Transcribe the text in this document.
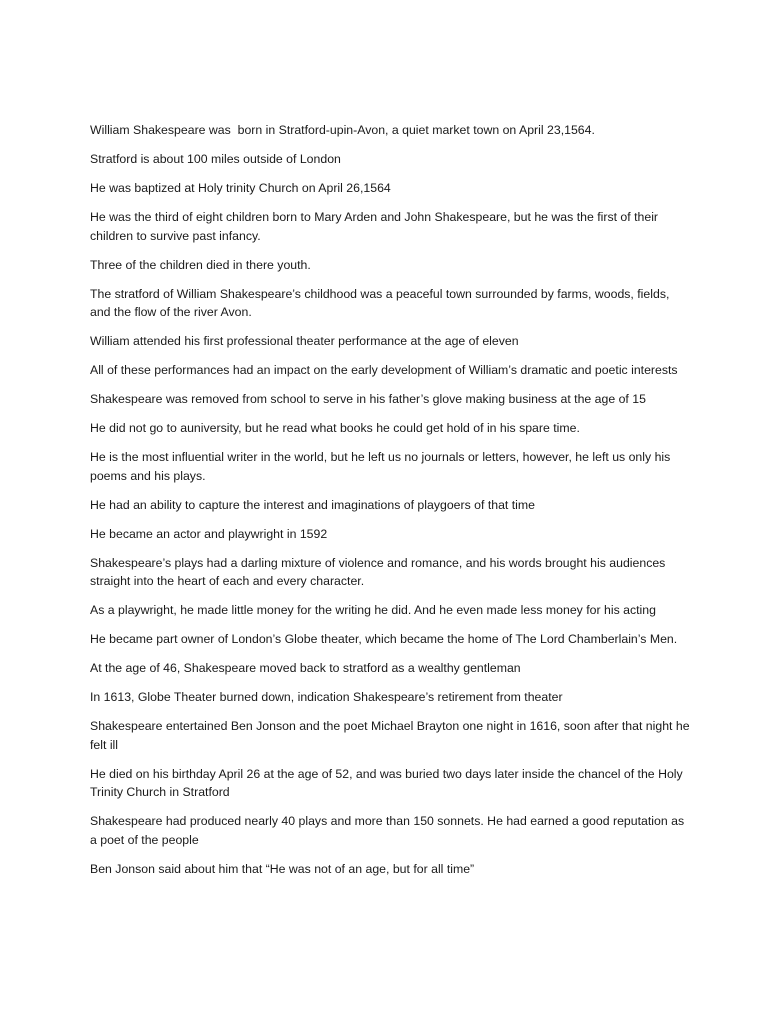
William Shakespeare was  born in Stratford-upin-Avon, a quiet market town on April 23,1564.

Stratford is about 100 miles outside of London

He was baptized at Holy trinity Church on April 26,1564

He was the third of eight children born to Mary Arden and John Shakespeare, but he was the first of their children to survive past infancy.

Three of the children died in there youth.

The stratford of William Shakespeare’s childhood was a peaceful town surrounded by farms, woods, fields, and the flow of the river Avon.

William attended his first professional theater performance at the age of eleven

All of these performances had an impact on the early development of William’s dramatic and poetic interests

Shakespeare was removed from school to serve in his father’s glove making business at the age of 15

He did not go to auniversity, but he read what books he could get hold of in his spare time.

He is the most influential writer in the world, but he left us no journals or letters, however, he left us only his poems and his plays.

He had an ability to capture the interest and imaginations of playgoers of that time

He became an actor and playwright in 1592

Shakespeare’s plays had a darling mixture of violence and romance, and his words brought his audiences straight into the heart of each and every character.

As a playwright, he made little money for the writing he did. And he even made less money for his acting

He became part owner of London’s Globe theater, which became the home of The Lord Chamberlain’s Men.

At the age of 46, Shakespeare moved back to stratford as a wealthy gentleman

In 1613, Globe Theater burned down, indication Shakespeare’s retirement from theater

Shakespeare entertained Ben Jonson and the poet Michael Brayton one night in 1616, soon after that night he felt ill

He died on his birthday April 26 at the age of 52, and was buried two days later inside the chancel of the Holy Trinity Church in Stratford

Shakespeare had produced nearly 40 plays and more than 150 sonnets. He had earned a good reputation as a poet of the people

Ben Jonson said about him that “He was not of an age, but for all time”
